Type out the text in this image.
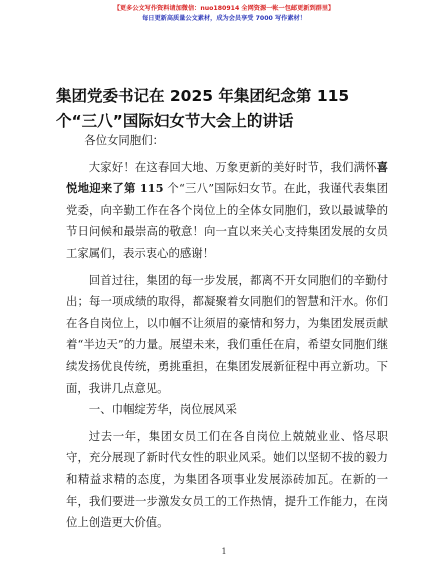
【更多公文写作资料请加微信：nuo180914 全网资源一帐一包邮更新到群里】
每日更新高质量公文素材，成为会员享受 7000 写作素材！
集团党委书记在 2025 年集团纪念第 115 个“三八”国际妇女节大会上的讲话

各位女同胞们：

大家好！在这春回大地、万象更新的美好时节，我们满怀喜悦地迎来了第 115 个“三八”国际妇女节。在此，我谨代表集团党委，向辛勤工作在各个岗位上的全体女同胞们，致以最诚挚的节日问候和最崇高的敬意！向一直以来关心支持集团发展的女员工家属们，表示衷心的感谢！

回首过往，集团的每一步发展，都离不开女同胞们的辛勤付出；每一项成绩的取得，都凝聚着女同胞们的智慧和汗水。你们在各自岗位上，以巾帼不让须眉的豪情和努力，为集团发展贡献着“半边天”的力量。展望未来，我们重任在肩，希望女同胞们继续发扬优良传统，勇挑重担，在集团发展新征程中再立新功。下面，我讲几点意见。

一、巾帼绽芳华，岗位展风采

过去一年，集团女员工们在各自岗位上兢兢业业、恪尽职守，充分展现了新时代女性的职业风采。她们以坚韧不拔的毅力和精益求精的态度，为集团各项事业发展添砖加瓦。在新的一年，我们要进一步激发女员工的工作热情，提升工作能力，在岗位上创造更大价值。

1
